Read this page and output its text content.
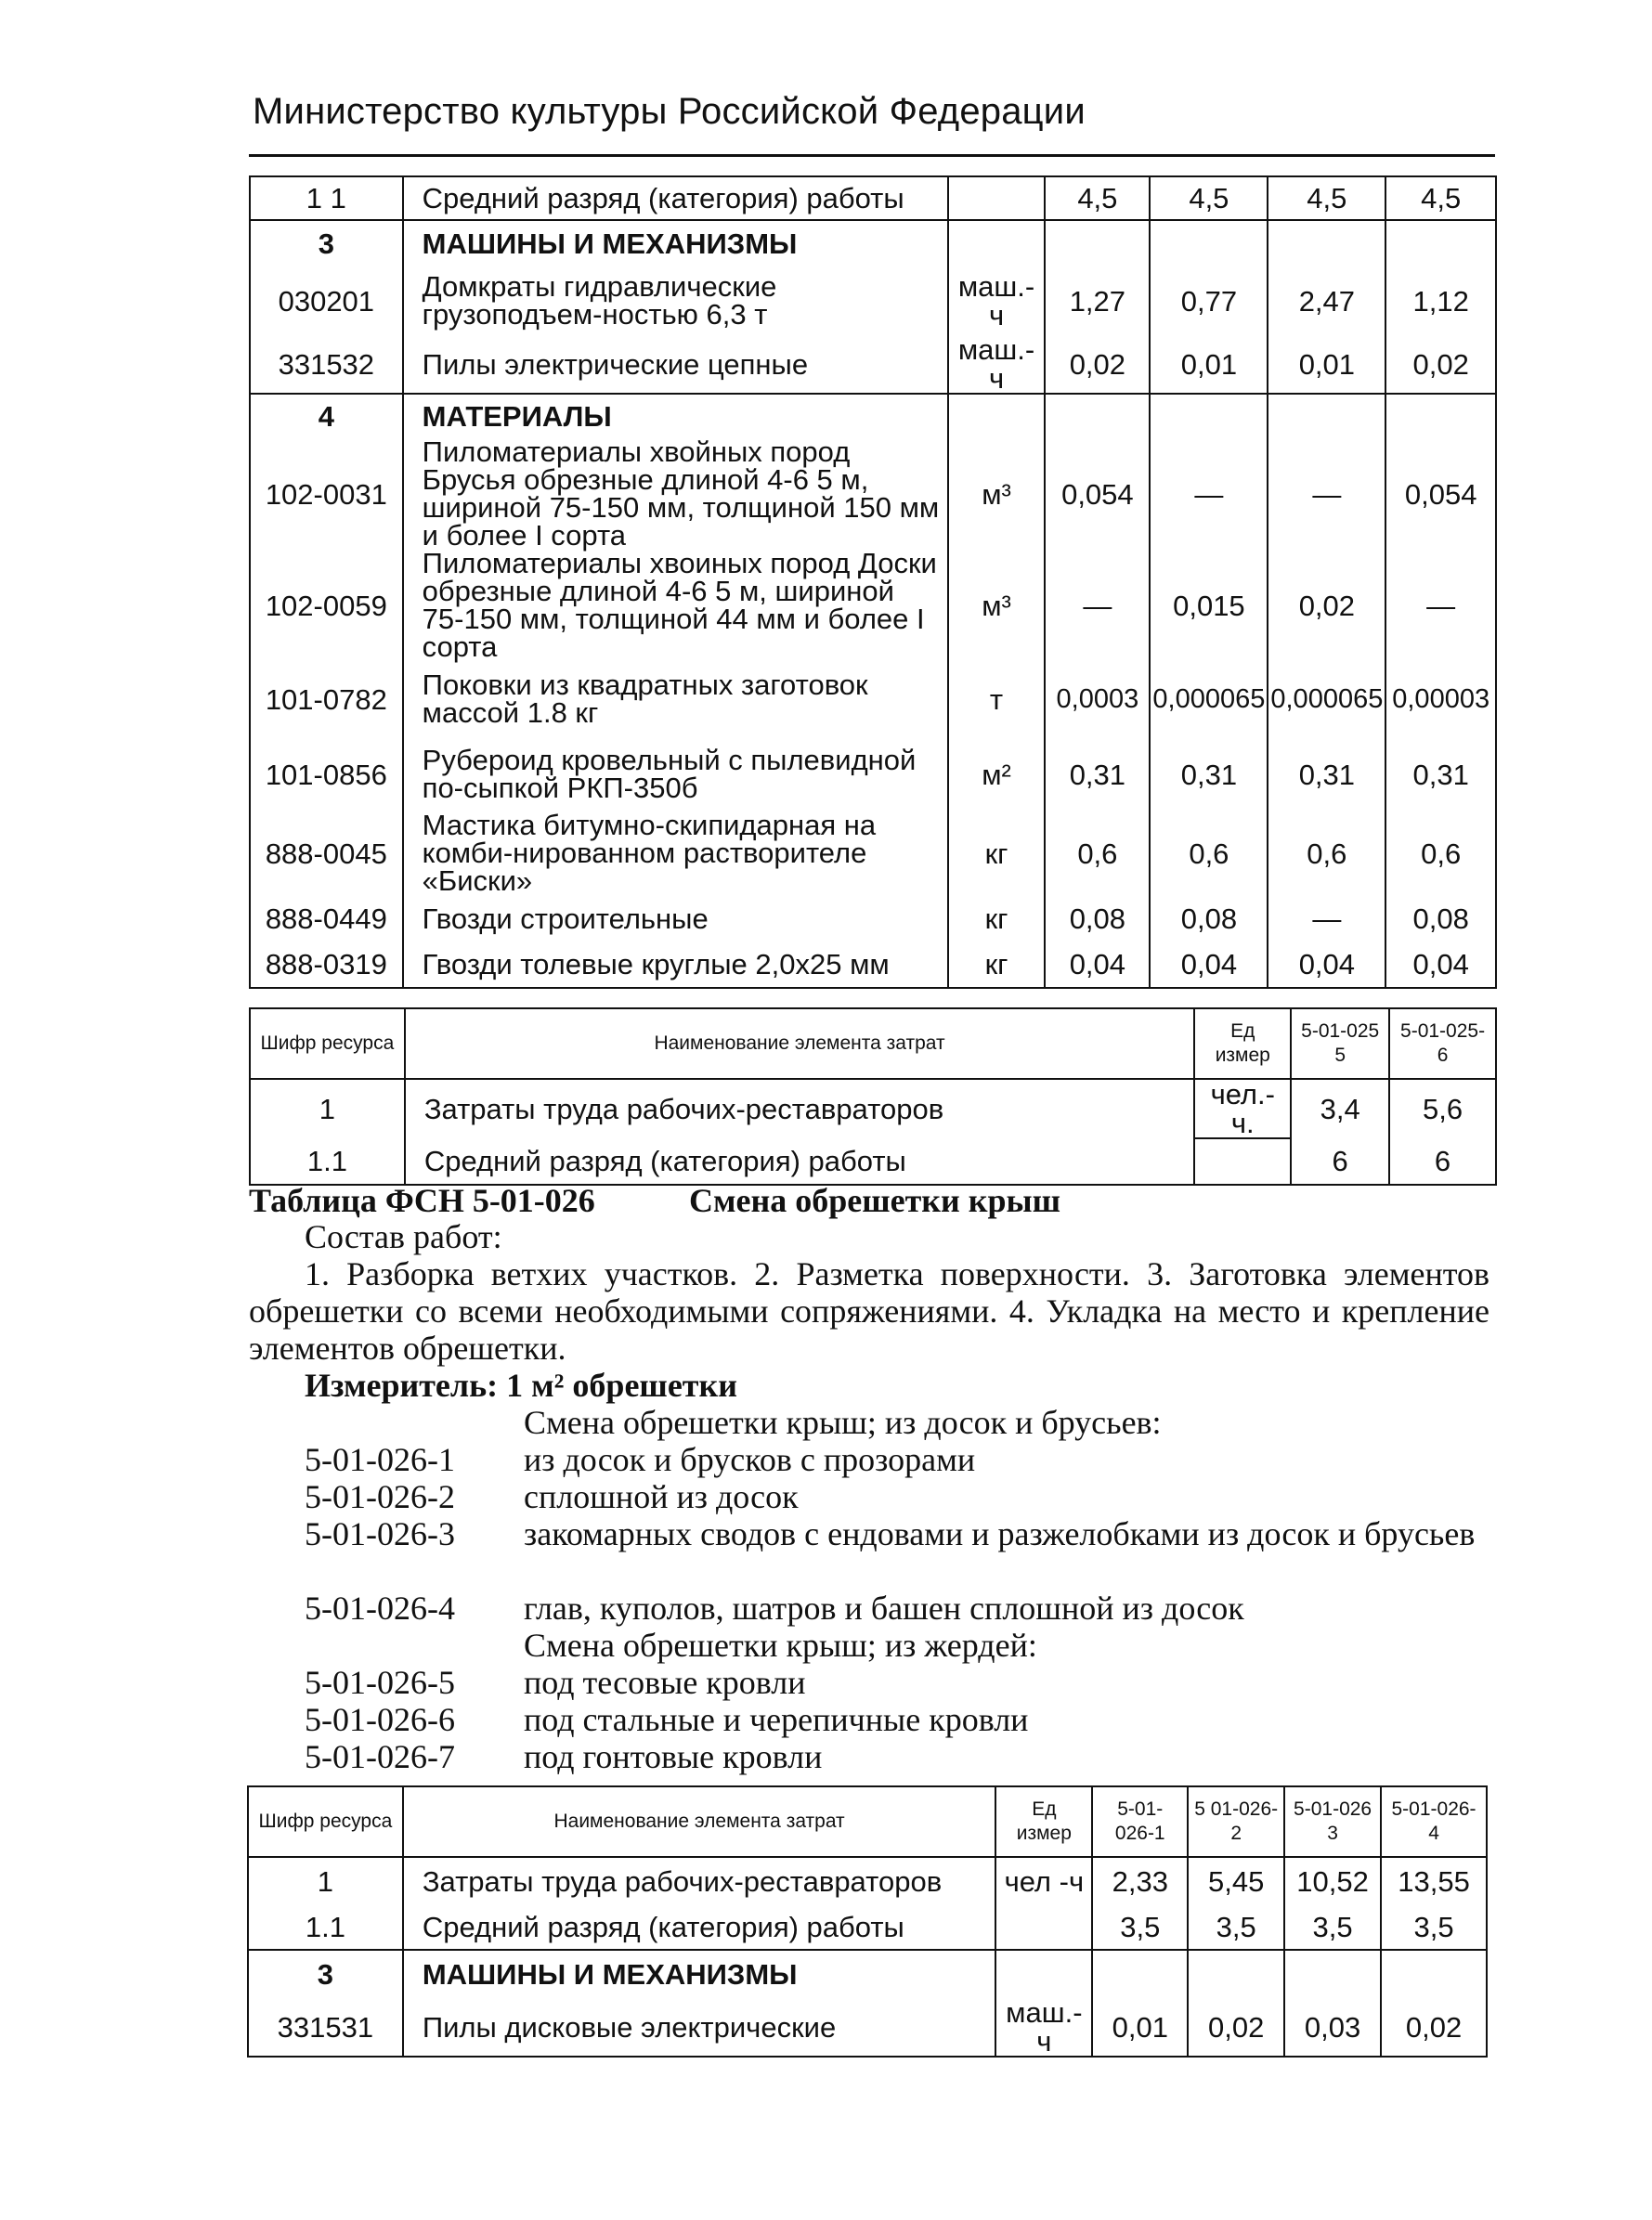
Министерство культуры Российской Федерации
1 1	Средний разряд (категория) работы		4,5	4,5	4,5	4,5
3	МАШИНЫ И МЕХАНИЗМЫ					
030201	Домкраты гидравлические грузоподъем-ностью 6,3 т	маш.-ч	1,27	0,77	2,47	1,12
331532	Пилы электрические цепные	маш.-ч	0,02	0,01	0,01	0,02
4	МАТЕРИАЛЫ					
102-0031	Пиломатериалы хвойных пород Брусья обрезные длиной 4-6 5 м, шириной 75-150 мм, толщиной 150 мм и более I сорта	м³	0,054	—	—	0,054
102-0059	Пиломатериалы хвоиных пород Доски обрезные длиной 4-6 5 м, шириной 75-150 мм, толщиной 44 мм и более I сорта	м³	—	0,015	0,02	—
101-0782	Поковки из квадратных заготовок массой 1.8 кг	т	0,0003	0,000065	0,000065	0,00003
101-0856	Рубероид кровельный с пылевидной по-сыпкой РКП-350б	м²	0,31	0,31	0,31	0,31
888-0045	Мастика битумно-скипидарная на комби-нированном растворителе «Биски»	кг	0,6	0,6	0,6	0,6
888-0449	Гвозди строительные	кг	0,08	0,08	—	0,08
888-0319	Гвозди толевые круглые 2,0х25 мм	кг	0,04	0,04	0,04	0,04
Шифр ресурса	Наименование элемента затрат	Ед измер	5-01-025 5	5-01-025-6
1	Затраты труда рабочих-реставраторов	чел.-ч.	3,4	5,6
1.1	Средний разряд (категория) работы		6	6
Таблица ФСН 5-01-026	Смена обрешетки крыш
Состав работ:
1. Разборка ветхих участков. 2. Разметка поверхности. 3. Заготовка элементов обрешетки со всеми необходимыми сопряжениями. 4. Укладка на место и крепление элементов обрешетки.
Измеритель: 1 м² обрешетки
Смена обрешетки крыш; из досок и брусьев:
5-01-026-1 из досок и брусков с прозорами
5-01-026-2 сплошной из досок
5-01-026-3 закомарных сводов с ендовами и разжелобками из досок и брусьев
5-01-026-4 глав, куполов, шатров и башен сплошной из досок
Смена обрешетки крыш; из жердей:
5-01-026-5 под тесовые кровли
5-01-026-6 под стальные и черепичные кровли
5-01-026-7 под гонтовые кровли
Шифр ресурса	Наименование элемента затрат	Ед измер	5-01-026-1	5 01-026-2	5-01-026 3	5-01-026-4
1	Затраты труда рабочих-реставраторов	чел -ч	2,33	5,45	10,52	13,55
1.1	Средний разряд (категория) работы		3,5	3,5	3,5	3,5
3	МАШИНЫ И МЕХАНИЗМЫ					
331531	Пилы дисковые электрические	маш.-ч	0,01	0,02	0,03	0,02
